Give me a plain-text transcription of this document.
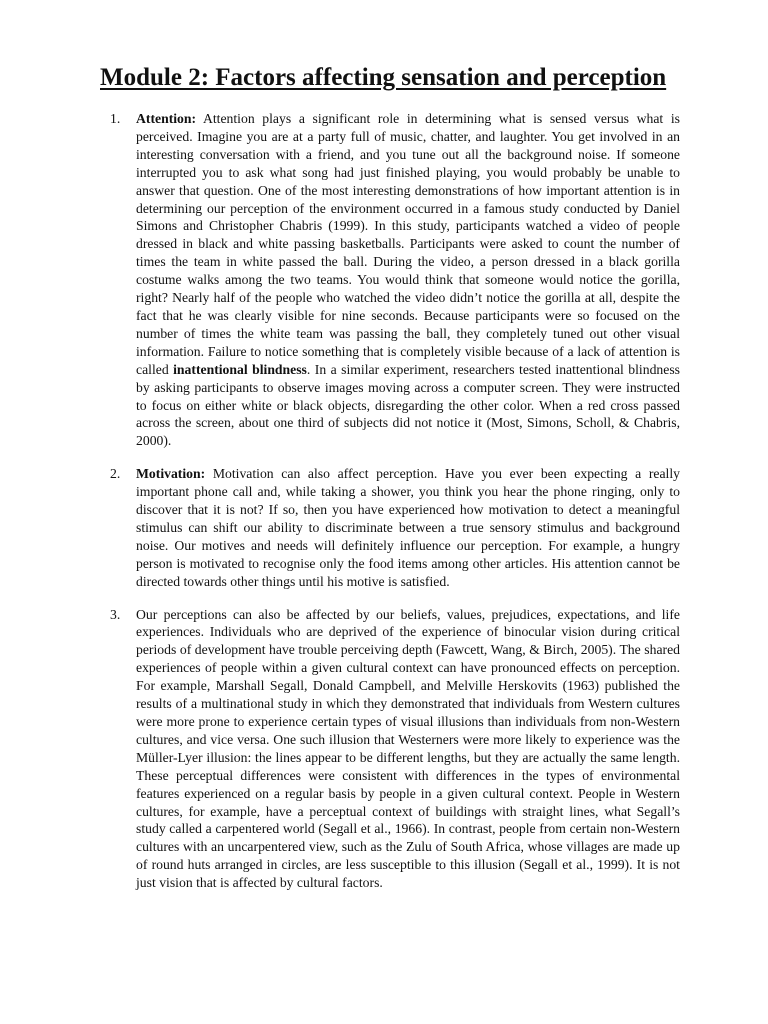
Module 2: Factors affecting sensation and perception
1. Attention: Attention plays a significant role in determining what is sensed versus what is perceived. Imagine you are at a party full of music, chatter, and laughter. You get involved in an interesting conversation with a friend, and you tune out all the background noise. If someone interrupted you to ask what song had just finished playing, you would probably be unable to answer that question. One of the most interesting demonstrations of how important attention is in determining our perception of the environment occurred in a famous study conducted by Daniel Simons and Christopher Chabris (1999). In this study, participants watched a video of people dressed in black and white passing basketballs. Participants were asked to count the number of times the team in white passed the ball. During the video, a person dressed in a black gorilla costume walks among the two teams. You would think that someone would notice the gorilla, right? Nearly half of the people who watched the video didn’t notice the gorilla at all, despite the fact that he was clearly visible for nine seconds. Because participants were so focused on the number of times the white team was passing the ball, they completely tuned out other visual information. Failure to notice something that is completely visible because of a lack of attention is called inattentional blindness. In a similar experiment, researchers tested inattentional blindness by asking participants to observe images moving across a computer screen. They were instructed to focus on either white or black objects, disregarding the other color. When a red cross passed across the screen, about one third of subjects did not notice it (Most, Simons, Scholl, & Chabris, 2000).
2. Motivation: Motivation can also affect perception. Have you ever been expecting a really important phone call and, while taking a shower, you think you hear the phone ringing, only to discover that it is not? If so, then you have experienced how motivation to detect a meaningful stimulus can shift our ability to discriminate between a true sensory stimulus and background noise. Our motives and needs will definitely influence our perception. For example, a hungry person is motivated to recognise only the food items among other articles. His attention cannot be directed towards other things until his motive is satisfied.
3. Our perceptions can also be affected by our beliefs, values, prejudices, expectations, and life experiences. Individuals who are deprived of the experience of binocular vision during critical periods of development have trouble perceiving depth (Fawcett, Wang, & Birch, 2005). The shared experiences of people within a given cultural context can have pronounced effects on perception. For example, Marshall Segall, Donald Campbell, and Melville Herskovits (1963) published the results of a multinational study in which they demonstrated that individuals from Western cultures were more prone to experience certain types of visual illusions than individuals from non-Western cultures, and vice versa. One such illusion that Westerners were more likely to experience was the Müller-Lyer illusion: the lines appear to be different lengths, but they are actually the same length. These perceptual differences were consistent with differences in the types of environmental features experienced on a regular basis by people in a given cultural context. People in Western cultures, for example, have a perceptual context of buildings with straight lines, what Segall’s study called a carpentered world (Segall et al., 1966). In contrast, people from certain non-Western cultures with an uncarpentered view, such as the Zulu of South Africa, whose villages are made up of round huts arranged in circles, are less susceptible to this illusion (Segall et al., 1999). It is not just vision that is affected by cultural factors.
